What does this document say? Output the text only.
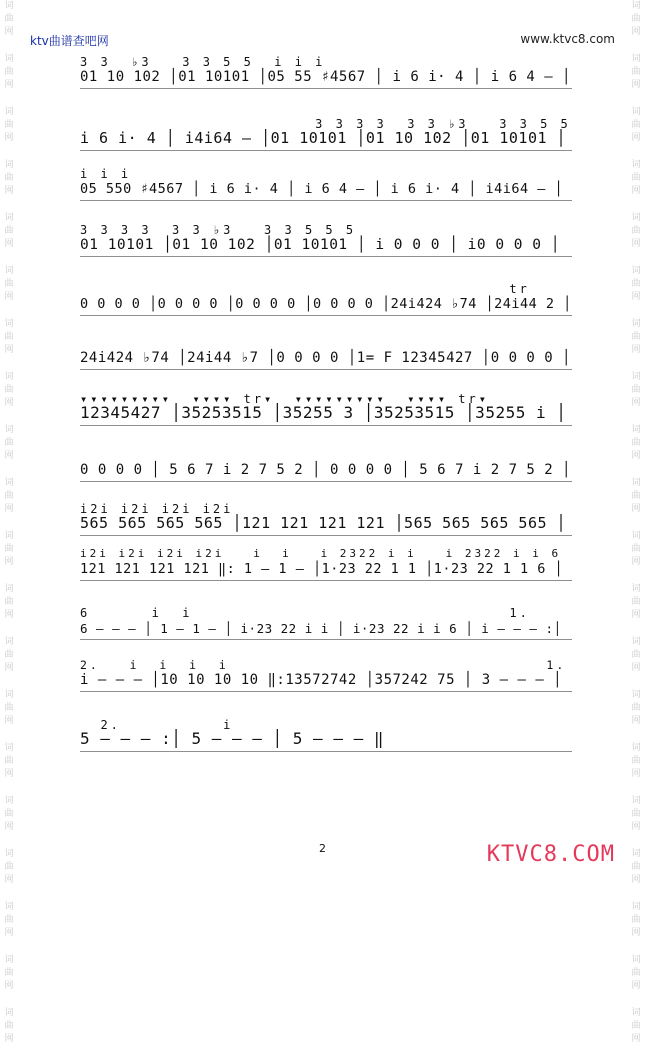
词
曲
网
词
曲
网
词
曲
网
词
曲
网
词
曲
网
词
曲
网
词
曲
网
词
曲
网
词
曲
网
词
曲
网
词
曲
网
词
曲
网
词
曲
网
词
曲
网
词
曲
网
词
曲
网
词
曲
网
词
曲
网
词
曲
网
词
曲
网
词
曲
网
词
曲
网
词
曲
网
词
曲
网
词
曲
网
词
曲
网
词
曲
网
词
曲
网
词
曲
网
词
曲
网
词
曲
网
词
曲
网
词
曲
网
词
曲
网
词
曲
网
词
曲
网
词
曲
网
词
曲
网
词
曲
网
词
曲
网
ktv曲谱查吧网	www.ktvc8.com
3 3  ♭3   3 3 5 5  i i i
01 10 102 │01 10101 │05 55 ♯4567 │ i 6 i· 4 │ i 6 4 – │
3 3 3 3  3 3 ♭3   3 3 5 5
i 6 i· 4 │ i4i64 – │01 10101 │01 10 102 │01 10101 │
i i i
05 550 ♯4567 │ i 6 i· 4 │ i 6 4 – │ i 6 i· 4 │ i4i64 – │
3 3 3 3  3 3 ♭3   3 3 5 5 5
01 10101 │01 10 102 │01 10101 │ i 0 0 0 │ i0 0 0 0 │
tr
0 0 0 0 │0 0 0 0 │0 0 0 0 │0 0 0 0 │24i424 ♭74 │24i44 2 │
24i424 ♭74 │24i44 ♭7 │0 0 0 0 │1= F 12345427 │0 0 0 0 │
▾▾▾▾▾▾▾▾▾  ▾▾▾▾ tr▾  ▾▾▾▾▾▾▾▾▾  ▾▾▾▾ tr▾
12345427 │35253515 │35255 3 │35253515 │35255 i │
0 0 0 0 │ 5 6 7 i 2 7 5 2 │ 0 0 0 0 │ 5 6 7 i 2 7 5 2 │
i2i i2i i2i i2i
565 565 565 565 │121 121 121 121 │565 565 565 565 │
i2i i2i i2i i2i   i  i   i 2322 i i   i 2322 i i 6
121 121 121 121 ‖: 1 – 1 – │1·23 22 1 1 │1·23 22 1 1 6 │
6      i  i                               1.
6 – – – │ 1 – 1 – │ i·23 22 i i │ i·23 22 i i 6 │ i – – – :│
2.   i  i  i  i                                1.
i – – – │10 10 10 10 ‖:13572742 │357242 75 │ 3 – – – │
2.          i
5 – – – :│ 5 – – – │ 5 – – – ‖
2	KTVC8.COM
